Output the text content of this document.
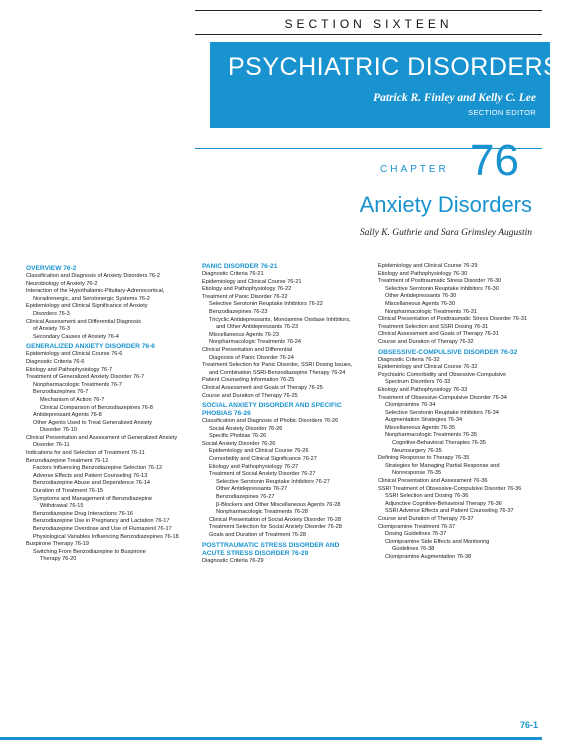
SECTION SIXTEEN
PSYCHIATRIC DISORDERS
Patrick R. Finley and Kelly C. Lee
SECTION EDITOR
CHAPTER 76
Anxiety Disorders
Sally K. Guthrie and Sara Grimsley Augustin
OVERVIEW 76-2
Classification and Diagnosis of Anxiety Disorders 76-2
Neurobiology of Anxiety 76-2
Interaction of the Hypothalamic-Pituitary-Adrenocortical,
Noradrenergic, and Serotonergic Systems 76-2
Epidemiology and Clinical Significance of Anxiety
Disorders 76-3
Clinical Assessment and Differential Diagnosis
of Anxiety 76-3
Secondary Causes of Anxiety 76-4
GENERALIZED ANXIETY DISORDER 76-6
Epidemiology and Clinical Course 76-6
Diagnostic Criteria 76-6
Etiology and Pathophysiology 76-7
Treatment of Generalized Anxiety Disorder 76-7
Nonpharmacologic Treatments 76-7
Benzodiazepines 76-7
Mechanism of Action 76-7
Clinical Comparison of Benzodiazepines 76-8
Antidepressant Agents 76-8
Other Agents Used to Treat Generalized Anxiety
Disorder 76-10
Clinical Presentation and Assessment of Generalized Anxiety
Disorder 76-11
Indications for and Selection of Treatment 76-11
Benzodiazepine Treatment 76-12
Factors Influencing Benzodiazepine Selection 76-12
Adverse Effects and Patient Counseling 76-13
Benzodiazepine Abuse and Dependence 76-14
Duration of Treatment 76-15
Symptoms and Management of Benzodiazepine
Withdrawal 76-15
Benzodiazepine Drug Interactions 76-16
Benzodiazepine Use in Pregnancy and Lactation 76-17
Benzodiazepine Overdose and Use of Flumazenil 76-17
Physiological Variables Influencing Benzodiazepines 76-18
Buspirone Therapy 76-19
Switching From Benzodiazepine to Buspirone
Therapy 76-20
PANIC DISORDER 76-21
Diagnostic Criteria 76-21
Epidemiology and Clinical Course 76-21
Etiology and Pathophysiology 76-22
Treatment of Panic Disorder 76-22
Selective Serotonin Reuptake Inhibitors 76-22
Benzodiazepines 76-23
Tricyclic Antidepressants, Monoamine Oxidase Inhibitors,
and Other Antidepressants 76-23
Miscellaneous Agents 76-23
Nonpharmacologic Treatments 76-24
Clinical Presentation and Differential
Diagnosis of Panic Disorder 76-24
Treatment Selection for Panic Disorder, SSRI Dosing Issues,
and Combination SSRI-Benzodiazepine Therapy 76-24
Patient Counseling Information 76-25
Clinical Assessment and Goals of Therapy 76-25
Course and Duration of Therapy 76-25
SOCIAL ANXIETY DISORDER AND SPECIFIC
PHOBIAS 76-26
Classification and Diagnosis of Phobic Disorders 76-26
Social Anxiety Disorder 76-26
Specific Phobias 76-26
Social Anxiety Disorder 76-26
Epidemiology and Clinical Course 76-26
Comorbidity and Clinical Significance 76-27
Etiology and Pathophysiology 76-27
Treatment of Social Anxiety Disorder 76-27
Selective Serotonin Reuptake Inhibitors 76-27
Other Antidepressants 76-27
Benzodiazepines 76-27
β-Blockers and Other Miscellaneous Agents 76-28
Nonpharmacologic Treatments 76-28
Clinical Presentation of Social Anxiety Disorder 76-28
Treatment Selection for Social Anxiety Disorder 76-28
Goals and Duration of Treatment 76-28
POSTTRAUMATIC STRESS DISORDER AND
ACUTE STRESS DISORDER 76-29
Diagnostic Criteria 76-29
Epidemiology and Clinical Course 76-29
Etiology and Pathophysiology 76-30
Treatment of Posttraumatic Stress Disorder 76-30
Selective Serotonin Reuptake Inhibitors 76-30
Other Antidepressants 76-30
Miscellaneous Agents 76-30
Nonpharmacologic Treatments 76-31
Clinical Presentation of Posttraumatic Stress Disorder 76-31
Treatment Selection and SSRI Dosing 76-31
Clinical Assessment and Goals of Therapy 76-31
Course and Duration of Therapy 76-32
OBSESSIVE-COMPULSIVE DISORDER 76-32
Diagnostic Criteria 76-32
Epidemiology and Clinical Course 76-32
Psychiatric Comorbidity and Obsessive-Compulsive
Spectrum Disorders 76-33
Etiology and Pathophysiology 76-33
Treatment of Obsessive-Compulsive Disorder 76-34
Clomipramine 76-34
Selective Serotonin Reuptake Inhibitors 76-34
Augmentation Strategies 76-34
Miscellaneous Agents 76-35
Nonpharmacologic Treatments 76-35
Cognitive-Behavioral Therapies 76-35
Neurosurgery 76-35
Defining Response to Therapy 76-35
Strategies for Managing Partial Response and
Nonresponse 76-35
Clinical Presentation and Assessment 76-36
SSRI Treatment of Obsessive-Compulsive Disorder 76-36
SSRI Selection and Dosing 76-36
Adjunctive Cognitive-Behavioral Therapy 76-36
SSRI Adverse Effects and Patient Counseling 76-37
Course and Duration of Therapy 76-37
Clomipramine Treatment 76-37
Dosing Guidelines 76-37
Clomipramine Side Effects and Monitoring
Guidelines 76-38
Clomipramine Augmentation 76-38
76-1
